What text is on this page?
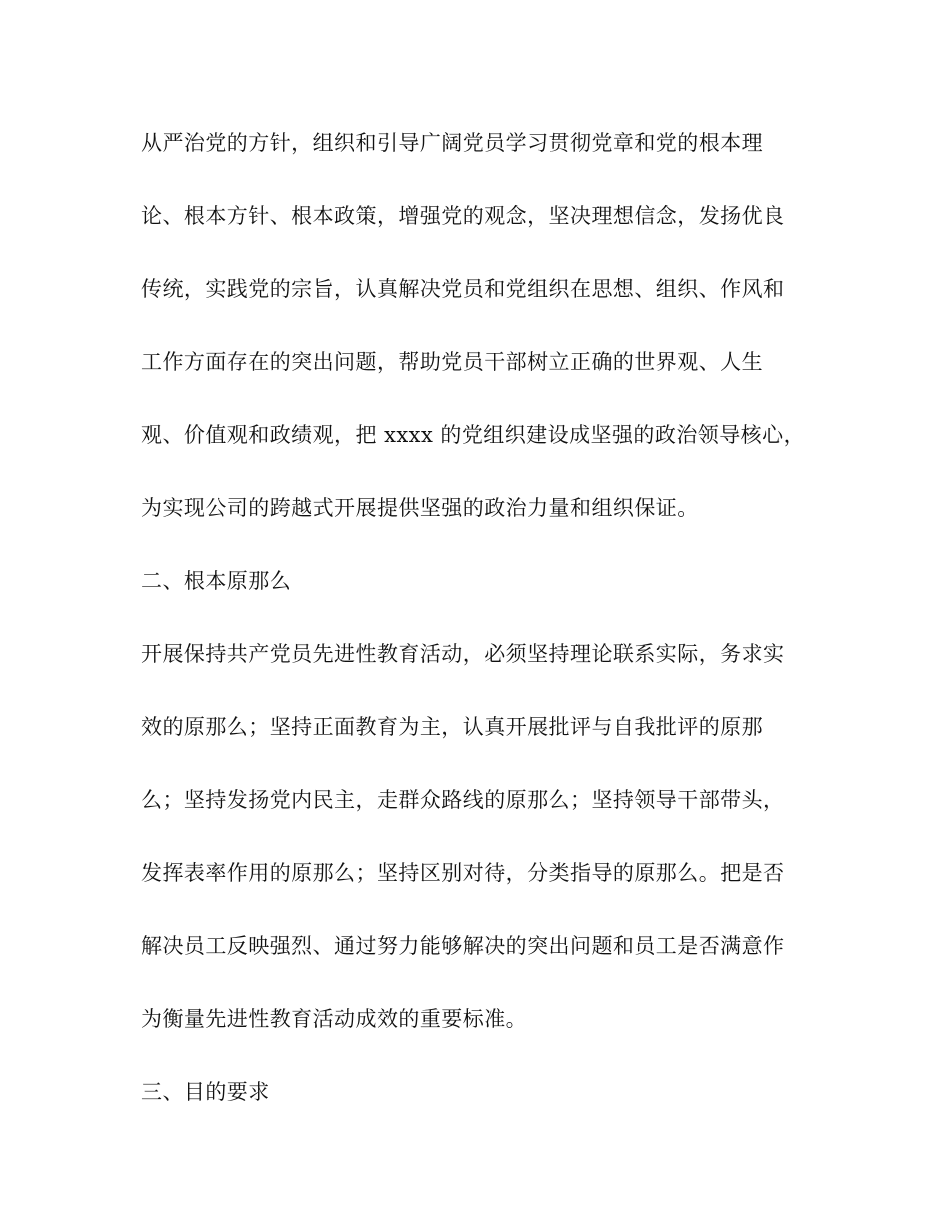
从严治党的方针，组织和引导广阔党员学习贯彻党章和党的根本理
论、根本方针、根本政策，增强党的观念，坚决理想信念，发扬优良
传统，实践党的宗旨，认真解决党员和党组织在思想、组织、作风和
工作方面存在的突出问题，帮助党员干部树立正确的世界观、人生
观、价值观和政绩观，把 xxxx 的党组织建设成坚强的政治领导核心，
为实现公司的跨越式开展提供坚强的政治力量和组织保证。
二、根本原那么
开展保持共产党员先进性教育活动，必须坚持理论联系实际，务求实
效的原那么；坚持正面教育为主，认真开展批评与自我批评的原那
么；坚持发扬党内民主，走群众路线的原那么；坚持领导干部带头，
发挥表率作用的原那么；坚持区别对待，分类指导的原那么。把是否
解决员工反映强烈、通过努力能够解决的突出问题和员工是否满意作
为衡量先进性教育活动成效的重要标准。
三、目的要求
